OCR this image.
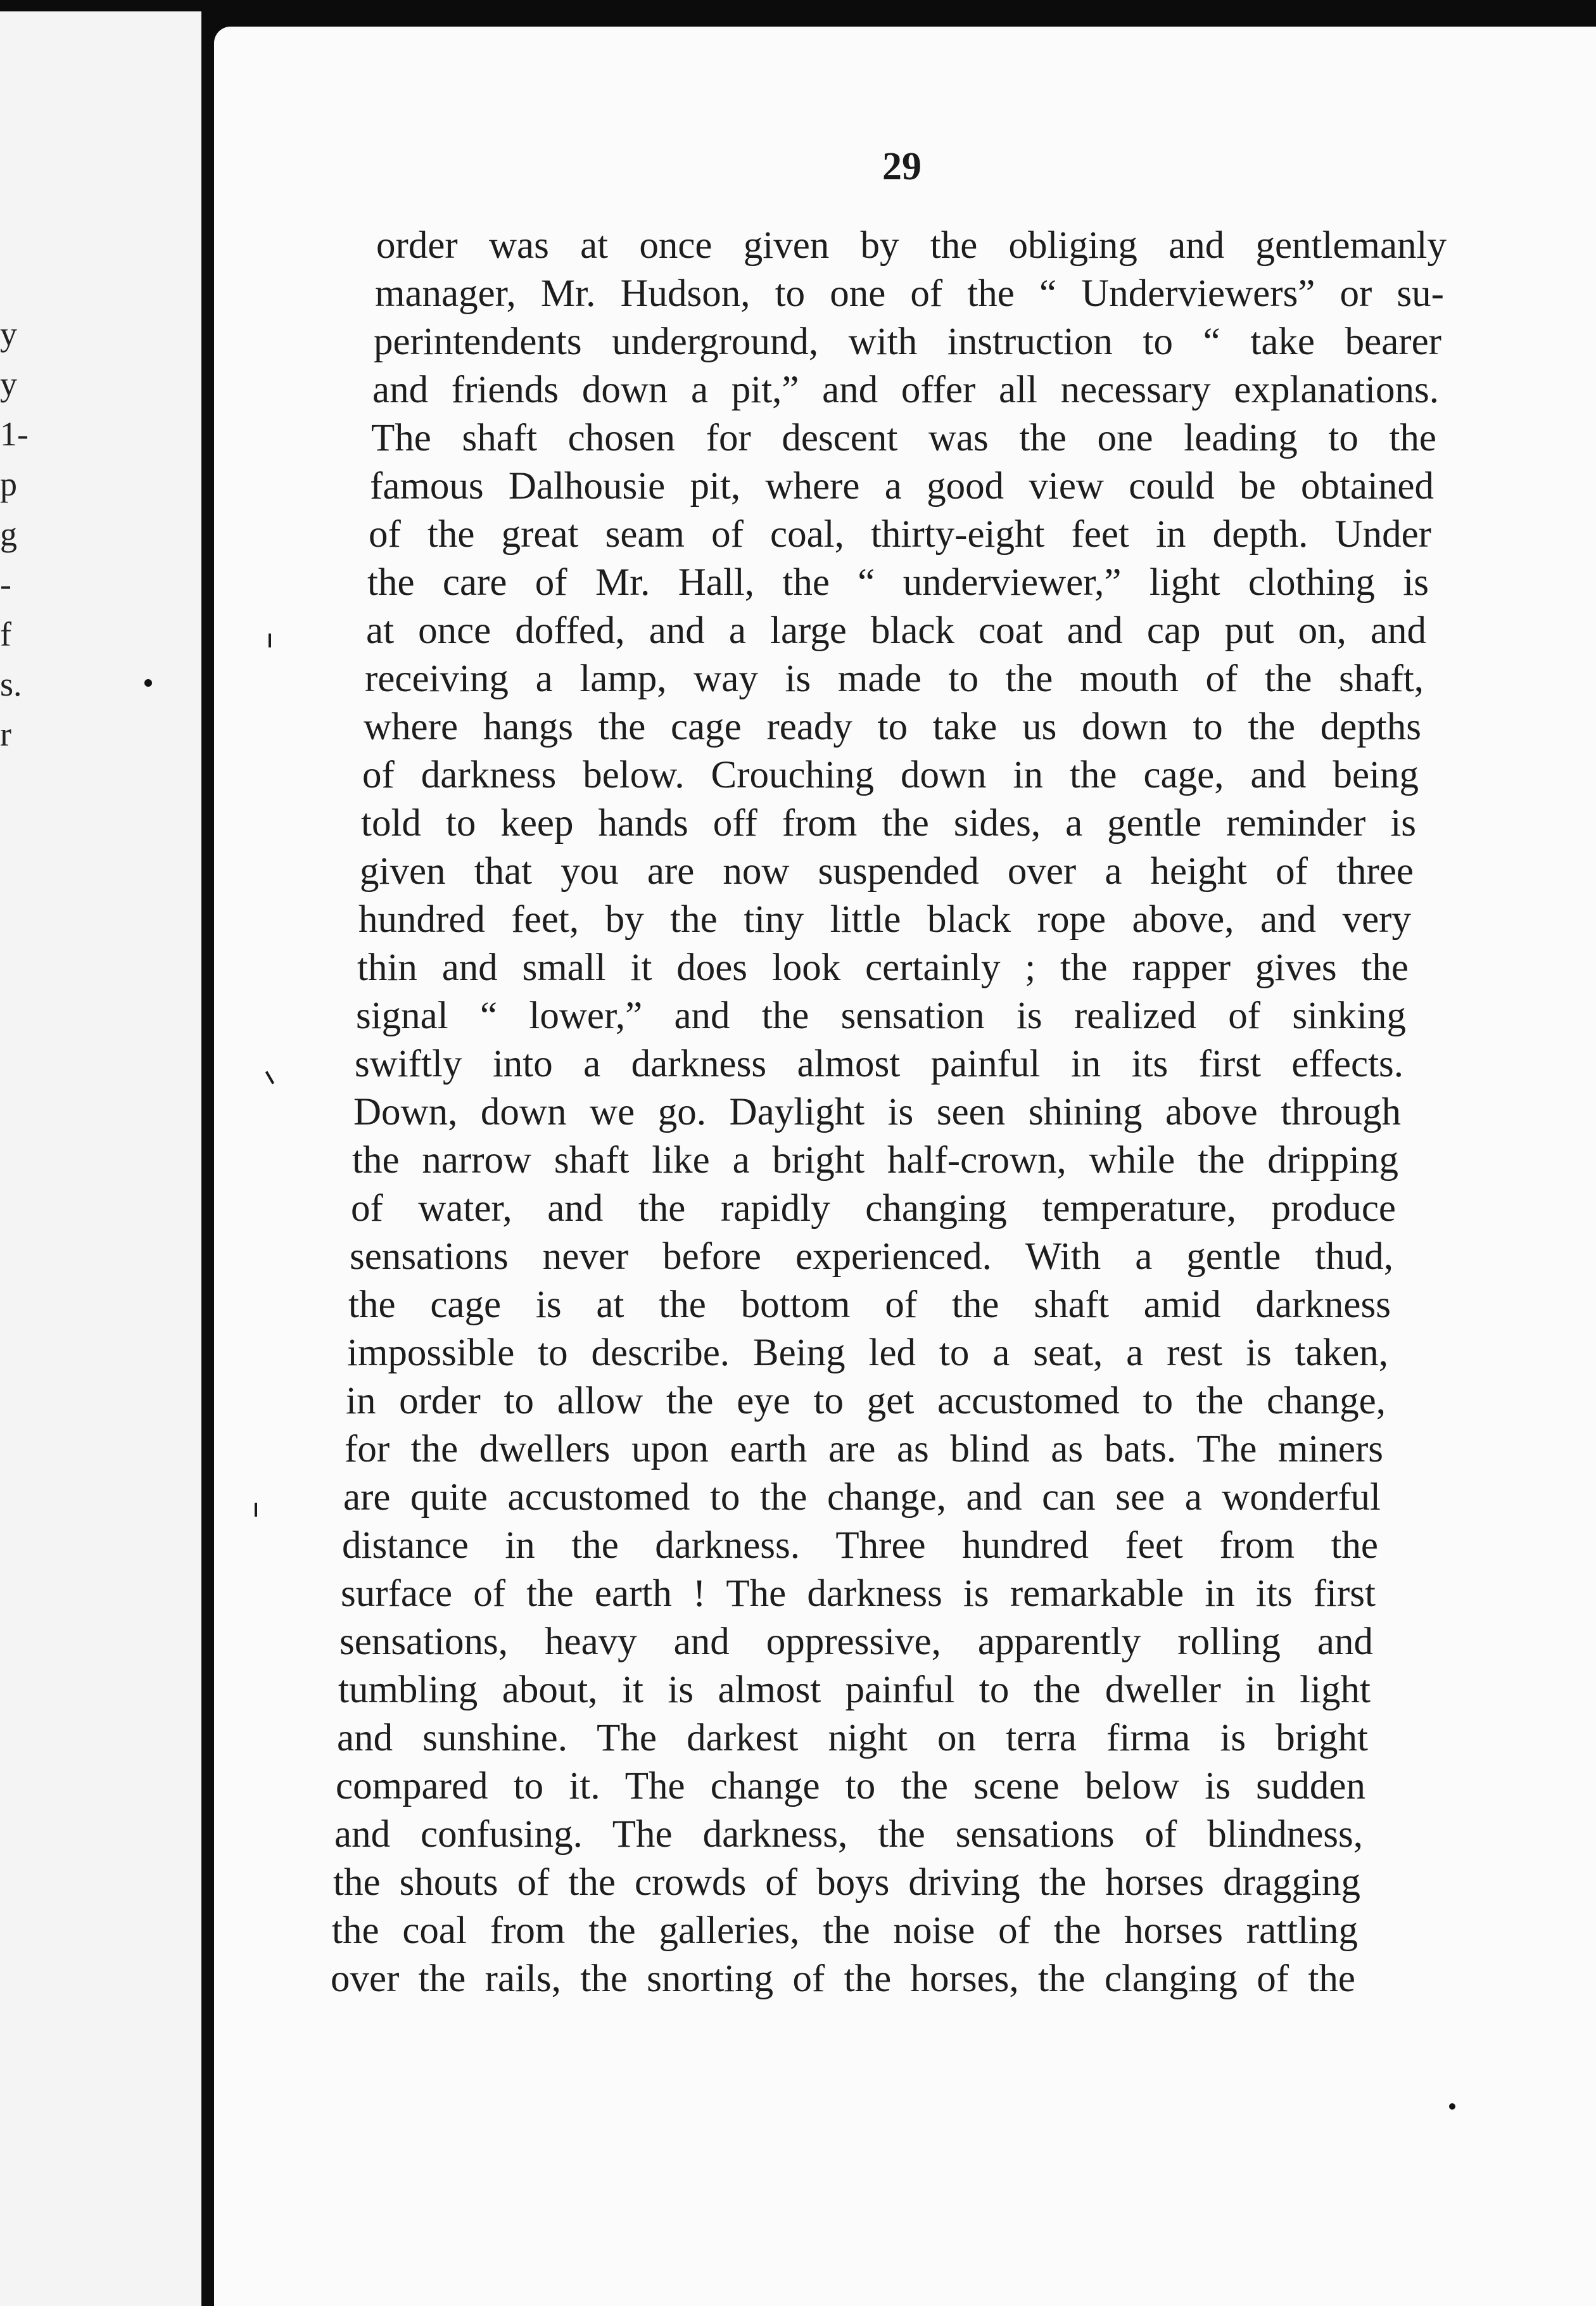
y
y
1-
p
g
-
f
s.
r
29
order was at once given by the obliging and gentlemanly
manager, Mr. Hudson, to one of the “ Underviewers” or su-
perintendents underground, with instruction to “ take bearer
and friends down a pit,” and offer all necessary explanations.
The shaft chosen for descent was the one leading to the
famous Dalhousie pit, where a good view could be obtained
of the great seam of coal, thirty-eight feet in depth. Under
the care of Mr. Hall, the “ underviewer,” light clothing is
at once doffed, and a large black coat and cap put on, and
receiving a lamp, way is made to the mouth of the shaft,
where hangs the cage ready to take us down to the depths
of darkness below. Crouching down in the cage, and being
told to keep hands off from the sides, a gentle reminder is
given that you are now suspended over a height of three
hundred feet, by the tiny little black rope above, and very
thin and small it does look certainly ; the rapper gives the
signal “ lower,” and the sensation is realized of sinking
swiftly into a darkness almost painful in its first effects.
Down, down we go. Daylight is seen shining above through
the narrow shaft like a bright half-crown, while the dripping
of water, and the rapidly changing temperature, produce
sensations never before experienced. With a gentle thud,
the cage is at the bottom of the shaft amid darkness
impossible to describe. Being led to a seat, a rest is taken,
in order to allow the eye to get accustomed to the change,
for the dwellers upon earth are as blind as bats. The miners
are quite accustomed to the change, and can see a wonderful
distance in the darkness. Three hundred feet from the
surface of the earth ! The darkness is remarkable in its first
sensations, heavy and oppressive, apparently rolling and
tumbling about, it is almost painful to the dweller in light
and sunshine. The darkest night on terra firma is bright
compared to it. The change to the scene below is sudden
and confusing. The darkness, the sensations of blindness,
the shouts of the crowds of boys driving the horses dragging
the coal from the galleries, the noise of the horses rattling
over the rails, the snorting of the horses, the clanging of the
